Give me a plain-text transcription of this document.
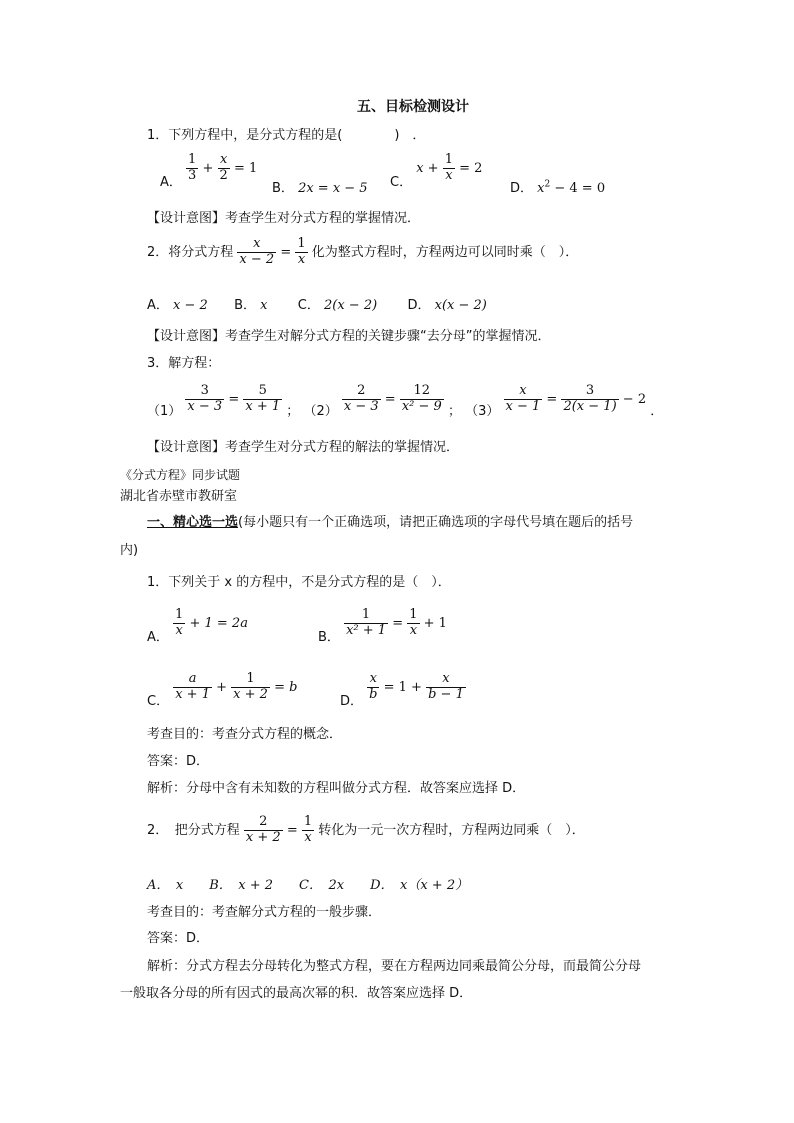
五、目标检测设计
1．下列方程中，是分式方程的是(　　　　)　．
A． $\frac{1}{3} + \frac{x}{2} = 1$
B． 2x = x − 5 C． $x + \frac{1}{x} = 2$
D． $x^2 - 4 = 0$
【设计意图】考查学生对分式方程的掌握情况．
2．将分式方程 $\frac{x}{x - 2} = \frac{1}{x}$ 化为整式方程时，方程两边可以同时乘（　）．
A． x − 2 B． x C． 2(x − 2) D． x(x − 2)
【设计意图】考查学生对解分式方程的关键步骤“去分母”的掌握情况．
3．解方程：
$(1) \frac{3}{x - 3} = \frac{5}{x + 1}$ ； $(2) \frac{2}{x - 3} = \frac{12}{\text{x² − 9}}$ ； $(3) \frac{x}{x - 1} = \frac{3}{2(x - 1)} - 2$ ．
【设计意图】考查学生对分式方程的解法的掌握情况．
《分式方程》同步试题
湖北省赤壁市教研室
一、精心选一选(每小题只有一个正确选项，请把正确选项的字母代号填在题后的括号
内)
1．下列关于 x 的方程中，不是分式方程的是（　）．
A． $\frac{1}{x} + 1 = 2a$
B． $\frac{1}{\text{x² + 1}} = \frac{1}{x} + 1$
C． $\frac{a}{x + 1} + \frac{1}{x + 2} = b$
D． $\frac{x}{b} = 1 + \frac{x}{b - 1}$
考查目的：考查分式方程的概念．
答案：D．
解析：分母中含有未知数的方程叫做分式方程．故答案应选择 D．
2．　把分式方程 $\frac{2}{x + 2} = \frac{1}{x}$ 转化为一元一次方程时，方程两边同乘（　）．
A．　x　　B．　x + 2　　C．　2x　　D．　x（x + 2）
考查目的：考查解分式方程的一般步骤．
答案：D．
解析：分式方程去分母转化为整式方程，要在方程两边同乘最简公分母，而最简公分母
一般取各分母的所有因式的最高次幂的积．故答案应选择 D．
